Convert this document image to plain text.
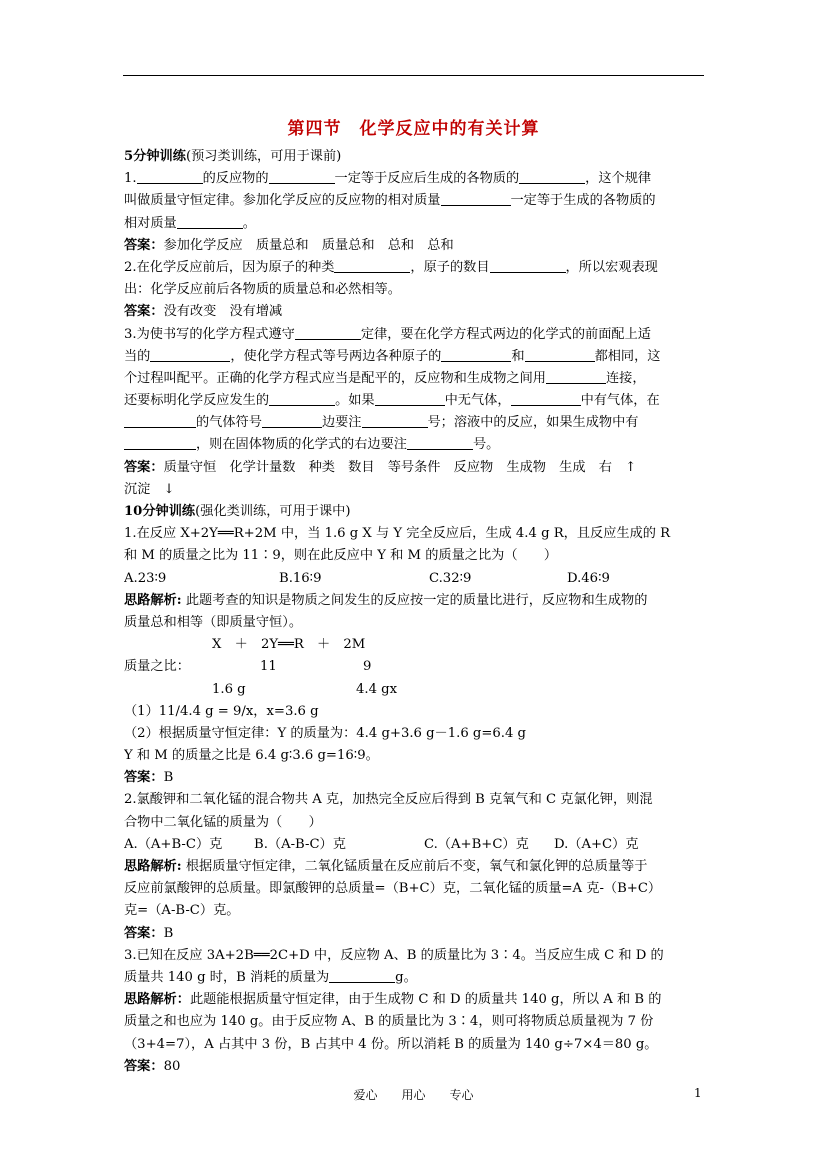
第四节　化学反应中的有关计算
5分钟训练(预习类训练，可用于课前)
1.	的反应物的	一定等于反应后生成的各物质的	，这个规律
叫做质量守恒定律。参加化学反应的反应物的相对质量	一定等于生成的各物质的
相对质量	。
答案：参加化学反应　质量总和　质量总和　总和　总和
2.在化学反应前后，因为原子的种类	，原子的数目	，所以宏观表现
出：化学反应前后各物质的质量总和必然相等。
答案：没有改变　没有增减
3.为使书写的化学方程式遵守	定律，要在化学方程式两边的化学式的前面配上适
当的	，使化学方程式等号两边各种原子的	和	都相同，这
个过程叫配平。正确的化学方程式应当是配平的，反应物和生成物之间用	连接，
还要标明化学反应发生的	。如果	中无气体，	中有气体，在
的气体符号	边要注	号；溶液中的反应，如果生成物中有
，则在固体物质的化学式的右边要注	号。
答案：质量守恒　化学计量数　种类　数目　等号条件　反应物　生成物　生成　右　↑
沉淀　↓
10分钟训练(强化类训练，可用于课中)
1.在反应 X+2Y══R+2M 中，当 1.6 g X 与 Y 完全反应后，生成 4.4 g R，且反应生成的 R
和 M 的质量之比为 11∶9，则在此反应中 Y 和 M 的质量之比为（　　）
A.23∶9	B.16∶9	C.32∶9	D.46∶9
思路解析: 此题考查的知识是物质之间发生的反应按一定的质量比进行，反应物和生成物的
质量总和相等（即质量守恒）。
X　＋　2Y══R　＋　2M
质量之比：	11	9
1.6 g	4.4 gx
（1）11/4.4 g = 9/x，x=3.6 g
（2）根据质量守恒定律：Y 的质量为：4.4 g+3.6 g－1.6 g=6.4 g
Y 和 M 的质量之比是 6.4 g∶3.6 g=16∶9。
答案：B
2.氯酸钾和二氧化锰的混合物共 A 克，加热完全反应后得到 B 克氧气和 C 克氯化钾，则混
合物中二氧化锰的质量为（　　）
A.（A+B-C）克 B.（A-B-C）克	C.（A+B+C）克 D.（A+C）克
思路解析: 根据质量守恒定律，二氧化锰质量在反应前后不变，氧气和氯化钾的总质量等于
反应前氯酸钾的总质量。即氯酸钾的总质量=（B+C）克，二氧化锰的质量=A 克-（B+C）
克=（A-B-C）克。
答案：B
3.已知在反应 3A+2B══2C+D 中，反应物 A、B 的质量比为 3∶4。当反应生成 C 和 D 的
质量共 140 g 时，B 消耗的质量为	g。
思路解析：此题能根据质量守恒定律，由于生成物 C 和 D 的质量共 140 g，所以 A 和 B 的
质量之和也应为 140 g。由于反应物 A、B 的质量比为 3∶4，则可将物质总质量视为 7 份
（3+4=7），A 占其中 3 份，B 占其中 4 份。所以消耗 B 的质量为 140 g÷7×4＝80 g。
答案：80
爱心　　用心　　专心	1
